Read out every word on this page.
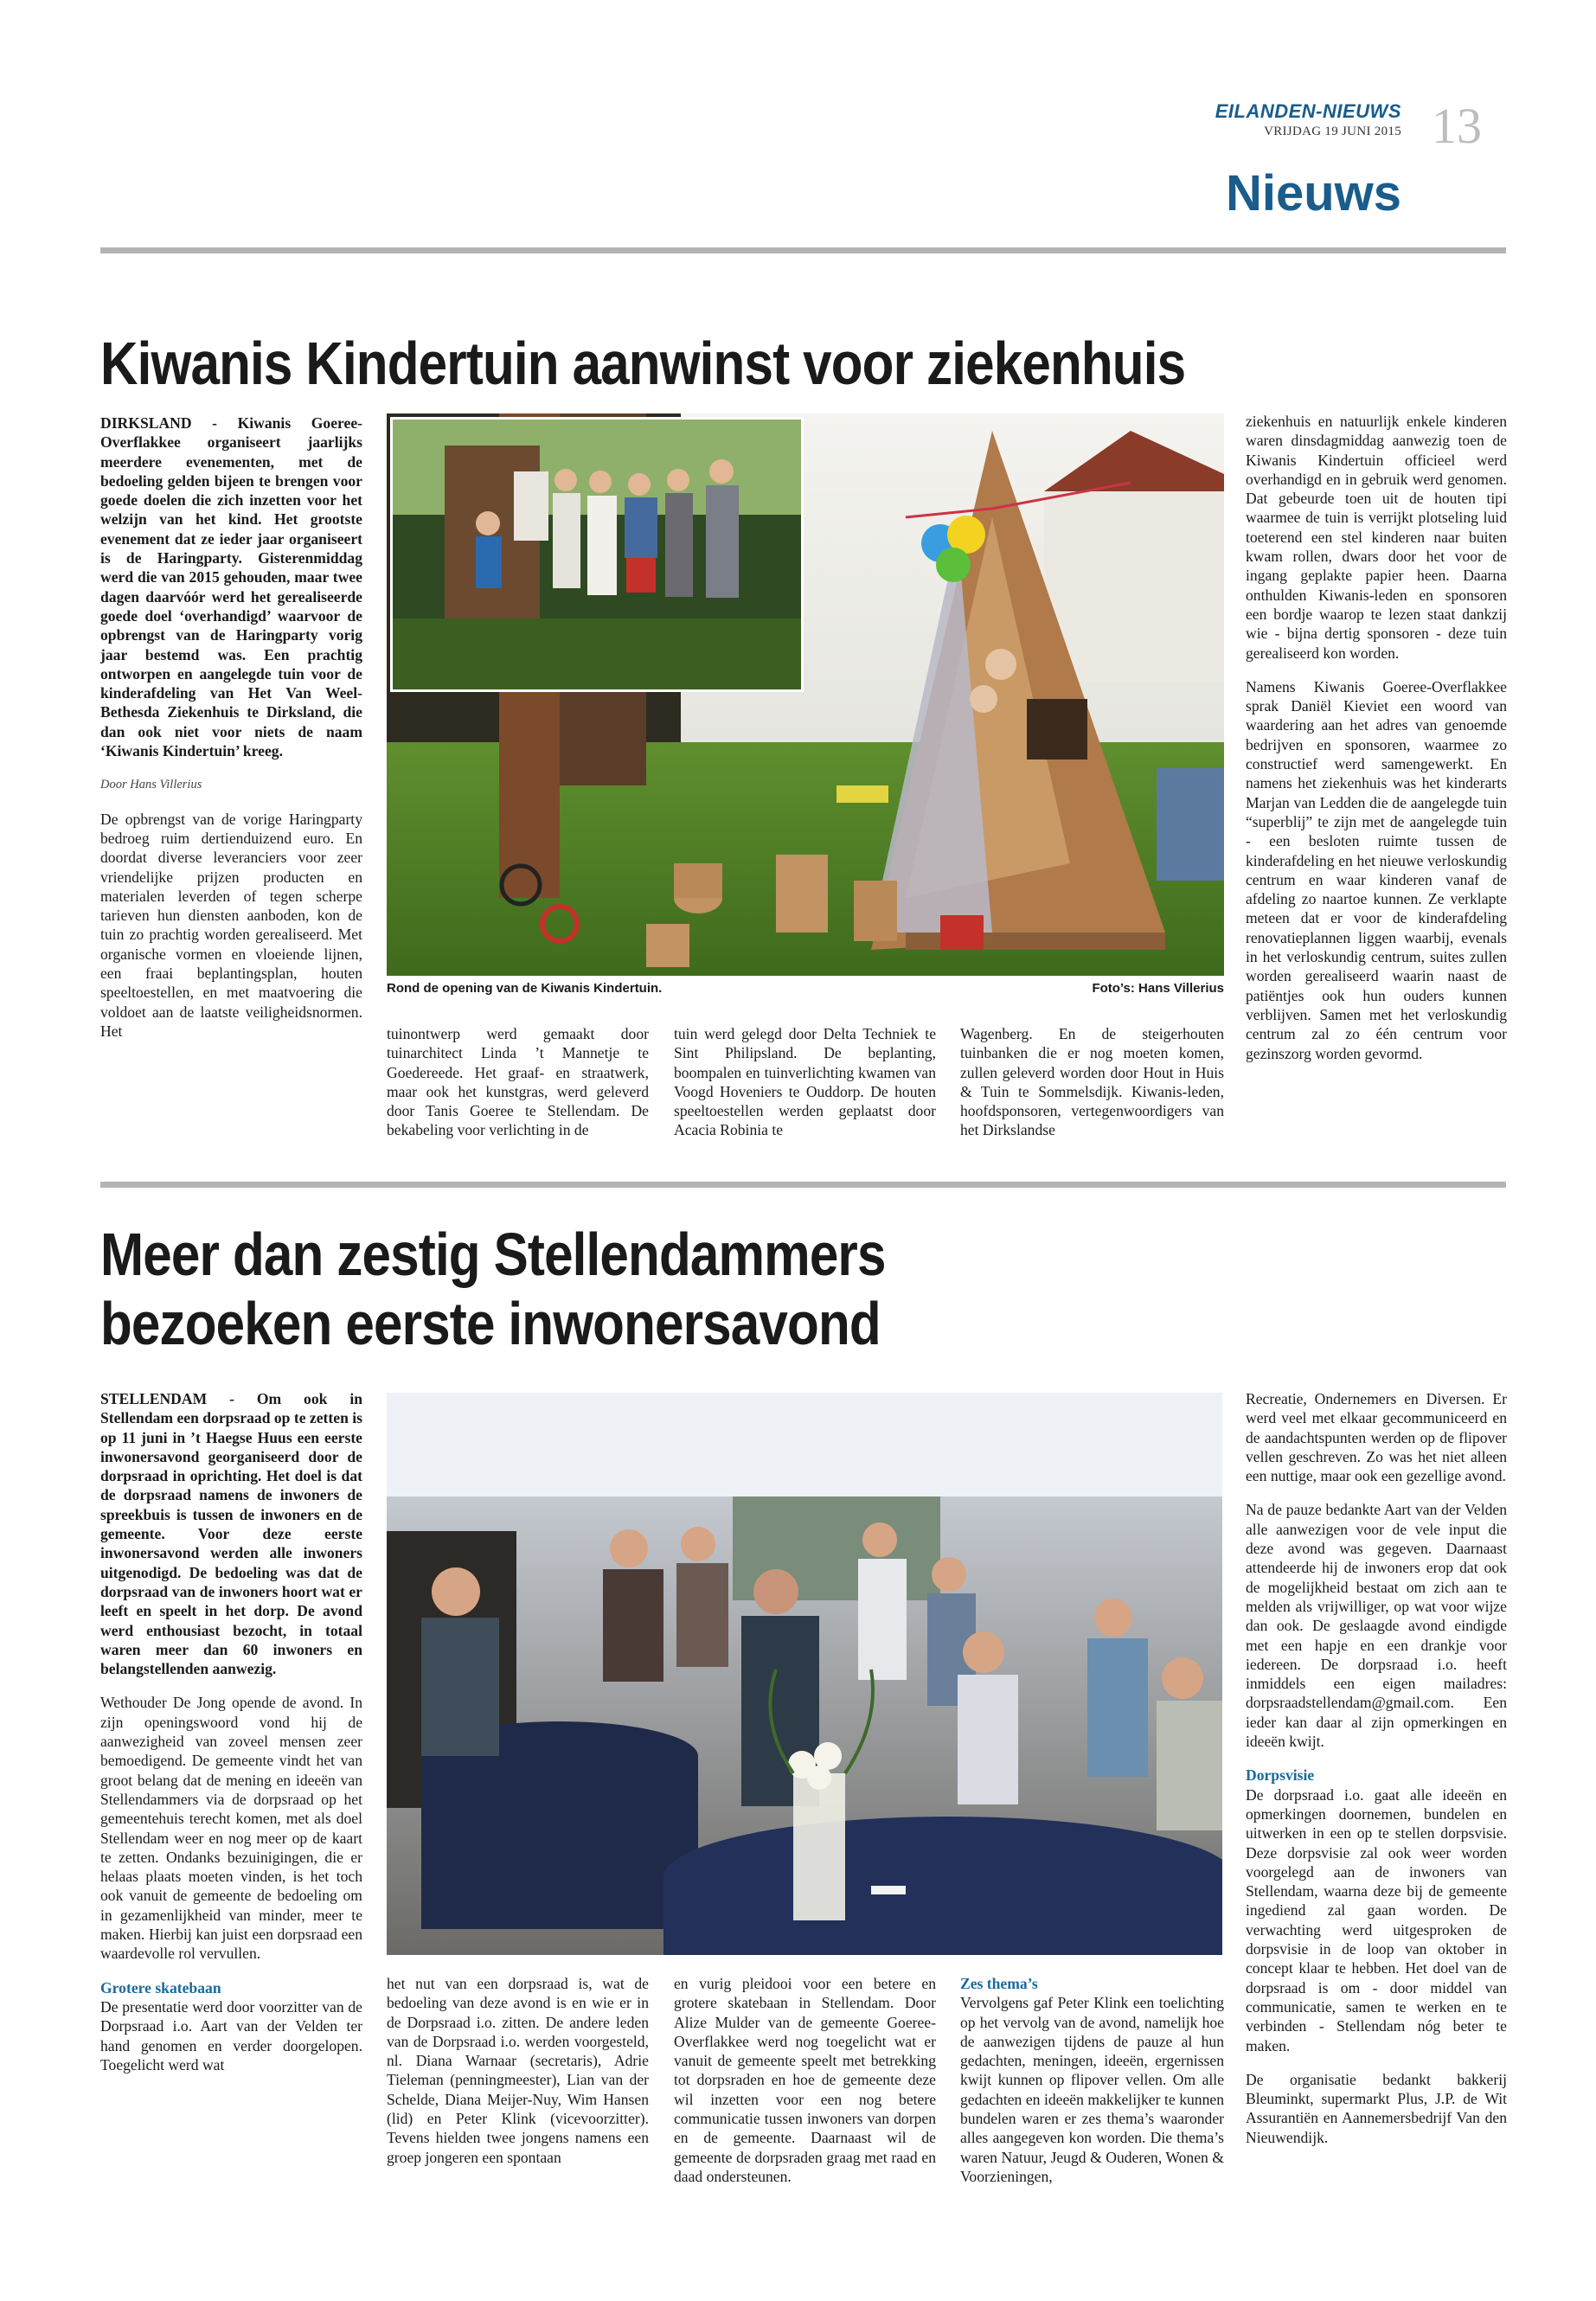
EILANDEN-NIEUWS
VRIJDAG 19 JUNI 2015 13
Nieuws
Kiwanis Kindertuin aanwinst voor ziekenhuis

DIRKSLAND - Kiwanis Goeree-Overflakkee organiseert jaarlijks meerdere evenementen, met de bedoeling gelden bijeen te brengen voor goede doelen die zich inzetten voor het welzijn van het kind. Het grootste evenement dat ze ieder jaar organiseert is de Haringparty. Gisterenmiddag werd die van 2015 gehouden, maar twee dagen daarvóór werd het gerealiseerde goede doel ‘overhandigd’ waarvoor de opbrengst van de Haringparty vorig jaar bestemd was. Een prachtig ontworpen en aangelegde tuin voor de kinderafdeling van Het Van Weel-Bethesda Ziekenhuis te Dirksland, die dan ook niet voor niets de naam ‘Kiwanis Kindertuin’ kreeg.

Door Hans Villerius

De opbrengst van de vorige Haringparty bedroeg ruim dertienduizend euro. En doordat diverse leveranciers voor zeer vriendelijke prijzen producten en materialen leverden of tegen scherpe tarieven hun diensten aanboden, kon de tuin zo prachtig worden gerealiseerd. Met organische vormen en vloeiende lijnen, een fraai beplantingsplan, houten speeltoestellen, en met maatvoering die voldoet aan de laatste veiligheidsnormen. Het

Rond de opening van de Kiwanis Kindertuin.	Foto’s: Hans Villerius

tuinontwerp werd gemaakt door tuinarchitect Linda ’t Mannetje te Goedereede. Het graaf- en straatwerk, maar ook het kunstgras, werd geleverd door Tanis Goeree te Stellendam. De bekabeling voor verlichting in de

tuin werd gelegd door Delta Techniek te Sint Philipsland. De beplanting, boompalen en tuinverlichting kwamen van Voogd Hoveniers te Ouddorp. De houten speeltoestellen werden geplaatst door Acacia Robinia te

Wagenberg. En de steigerhouten tuinbanken die er nog moeten komen, zullen geleverd worden door Hout in Huis & Tuin te Sommelsdijk. Kiwanis-leden, hoofdsponsoren, vertegenwoordigers van het Dirkslandse

ziekenhuis en natuurlijk enkele kinderen waren dinsdagmiddag aanwezig toen de Kiwanis Kindertuin officieel werd overhandigd en in gebruik werd genomen. Dat gebeurde toen uit de houten tipi waarmee de tuin is verrijkt plotseling luid toeterend een stel kinderen naar buiten kwam rollen, dwars door het voor de ingang geplakte papier heen. Daarna onthulden Kiwanis-leden en sponsoren een bordje waarop te lezen staat dankzij wie - bijna dertig sponsoren - deze tuin gerealiseerd kon worden.

Namens Kiwanis Goeree-Overflakkee sprak Daniël Kieviet een woord van waardering aan het adres van genoemde bedrijven en sponsoren, waarmee zo constructief werd samengewerkt. En namens het ziekenhuis was het kinderarts Marjan van Ledden die de aangelegde tuin “superblij” te zijn met de aangelegde tuin - een besloten ruimte tussen de kinderafdeling en het nieuwe verloskundig centrum en waar kinderen vanaf de afdeling zo naartoe kunnen. Ze verklapte meteen dat er voor de kinderafdeling renovatieplannen liggen waarbij, evenals in het verloskundig centrum, suites zullen worden gerealiseerd waarin naast de patiëntjes ook hun ouders kunnen verblijven. Samen met het verloskundig centrum zal zo één centrum voor gezinszorg worden gevormd.

Meer dan zestig Stellendammers
bezoeken eerste inwonersavond

STELLENDAM - Om ook in Stellendam een dorpsraad op te zetten is op 11 juni in ’t Haegse Huus een eerste inwonersavond georganiseerd door de dorpsraad in oprichting. Het doel is dat de dorpsraad namens de inwoners de spreekbuis is tussen de inwoners en de gemeente. Voor deze eerste inwonersavond werden alle inwoners uitgenodigd. De bedoeling was dat de dorpsraad van de inwoners hoort wat er leeft en speelt in het dorp. De avond werd enthousiast bezocht, in totaal waren meer dan 60 inwoners en belangstellenden aanwezig.

Wethouder De Jong opende de avond. In zijn openingswoord vond hij de aanwezigheid van zoveel mensen zeer bemoedigend. De gemeente vindt het van groot belang dat de mening en ideeën van Stellendammers via de dorpsraad op het gemeentehuis terecht komen, met als doel Stellendam weer en nog meer op de kaart te zetten. Ondanks bezuinigingen, die er helaas plaats moeten vinden, is het toch ook vanuit de gemeente de bedoeling om in gezamenlijkheid van minder, meer te maken. Hierbij kan juist een dorpsraad een waardevolle rol vervullen.

Grotere skatebaan

De presentatie werd door voorzitter van de Dorpsraad i.o. Aart van der Velden ter hand genomen en verder doorgelopen. Toegelicht werd wat

het nut van een dorpsraad is, wat de bedoeling van deze avond is en wie er in de Dorpsraad i.o. zitten. De andere leden van de Dorpsraad i.o. werden voorgesteld, nl. Diana Warnaar (secretaris), Adrie Tieleman (penningmeester), Lian van der Schelde, Diana Meijer-Nuy, Wim Hansen (lid) en Peter Klink (vicevoorzitter). Tevens hielden twee jongens namens een groep jongeren een spontaan

en vurig pleidooi voor een betere en grotere skatebaan in Stellendam. Door Alize Mulder van de gemeente Goeree-Overflakkee werd nog toegelicht wat er vanuit de gemeente speelt met betrekking tot dorpsraden en hoe de gemeente deze wil inzetten voor een nog betere communicatie tussen inwoners van dorpen en de gemeente. Daarnaast wil de gemeente de dorpsraden graag met raad en daad ondersteunen.

Zes thema’s

Vervolgens gaf Peter Klink een toelichting op het vervolg van de avond, namelijk hoe de aanwezigen tijdens de pauze al hun gedachten, meningen, ideeën, ergernissen kwijt kunnen op flipover vellen. Om alle gedachten en ideeën makkelijker te kunnen bundelen waren er zes thema’s waaronder alles aangegeven kon worden. Die thema’s waren Natuur, Jeugd & Ouderen, Wonen & Voorzieningen,

Recreatie, Ondernemers en Diversen. Er werd veel met elkaar gecommuniceerd en de aandachtspunten werden op de flipover vellen geschreven. Zo was het niet alleen een nuttige, maar ook een gezellige avond.

Na de pauze bedankte Aart van der Velden alle aanwezigen voor de vele input die deze avond was gegeven. Daarnaast attendeerde hij de inwoners erop dat ook de mogelijkheid bestaat om zich aan te melden als vrijwilliger, op wat voor wijze dan ook. De geslaagde avond eindigde met een hapje en een drankje voor iedereen. De dorpsraad i.o. heeft inmiddels een eigen mailadres: dorpsraadstellendam@gmail.com. Een ieder kan daar al zijn opmerkingen en ideeën kwijt.

Dorpsvisie

De dorpsraad i.o. gaat alle ideeën en opmerkingen doornemen, bundelen en uitwerken in een op te stellen dorpsvisie. Deze dorpsvisie zal ook weer worden voorgelegd aan de inwoners van Stellendam, waarna deze bij de gemeente ingediend zal gaan worden. De verwachting werd uitgesproken de dorpsvisie in de loop van oktober in concept klaar te hebben. Het doel van de dorpsraad is om - door middel van communicatie, samen te werken en te verbinden - Stellendam nóg beter te maken.

De organisatie bedankt bakkerij Bleuminkt, supermarkt Plus, J.P. de Wit Assurantiën en Aannemersbedrijf Van den Nieuwendijk.
